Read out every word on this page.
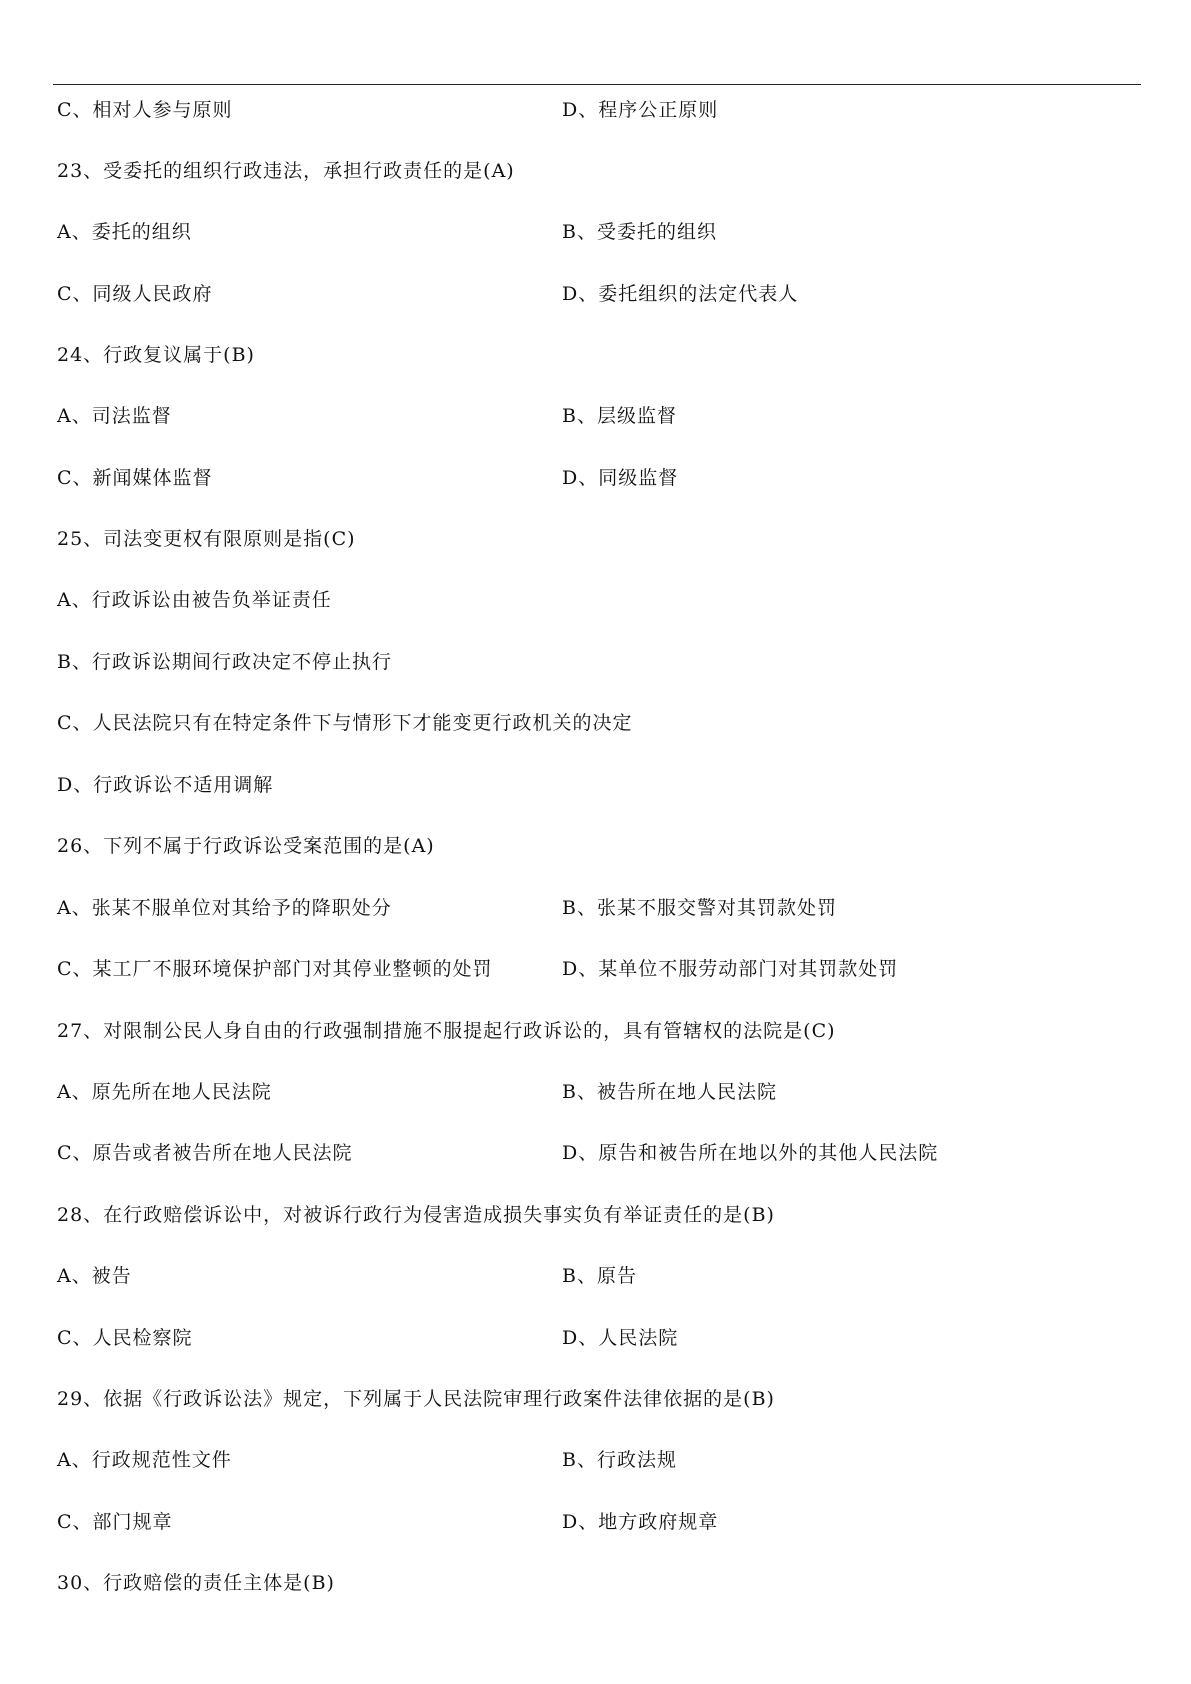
C、相对人参与原则	D、程序公正原则
23、受委托的组织行政违法，承担行政责任的是(A)
A、委托的组织	B、受委托的组织
C、同级人民政府	D、委托组织的法定代表人
24、行政复议属于(B)
A、司法监督	B、层级监督
C、新闻媒体监督	D、同级监督
25、司法变更权有限原则是指(C)
A、行政诉讼由被告负举证责任
B、行政诉讼期间行政决定不停止执行
C、人民法院只有在特定条件下与情形下才能变更行政机关的决定
D、行政诉讼不适用调解
26、下列不属于行政诉讼受案范围的是(A)
A、张某不服单位对其给予的降职处分	B、张某不服交警对其罚款处罚
C、某工厂不服环境保护部门对其停业整顿的处罚	D、某单位不服劳动部门对其罚款处罚
27、对限制公民人身自由的行政强制措施不服提起行政诉讼的，具有管辖权的法院是(C)
A、原先所在地人民法院	B、被告所在地人民法院
C、原告或者被告所在地人民法院	D、原告和被告所在地以外的其他人民法院
28、在行政赔偿诉讼中，对被诉行政行为侵害造成损失事实负有举证责任的是(B)
A、被告	B、原告
C、人民检察院	D、人民法院
29、依据《行政诉讼法》规定，下列属于人民法院审理行政案件法律依据的是(B)
A、行政规范性文件	B、行政法规
C、部门规章	D、地方政府规章
30、行政赔偿的责任主体是(B)
